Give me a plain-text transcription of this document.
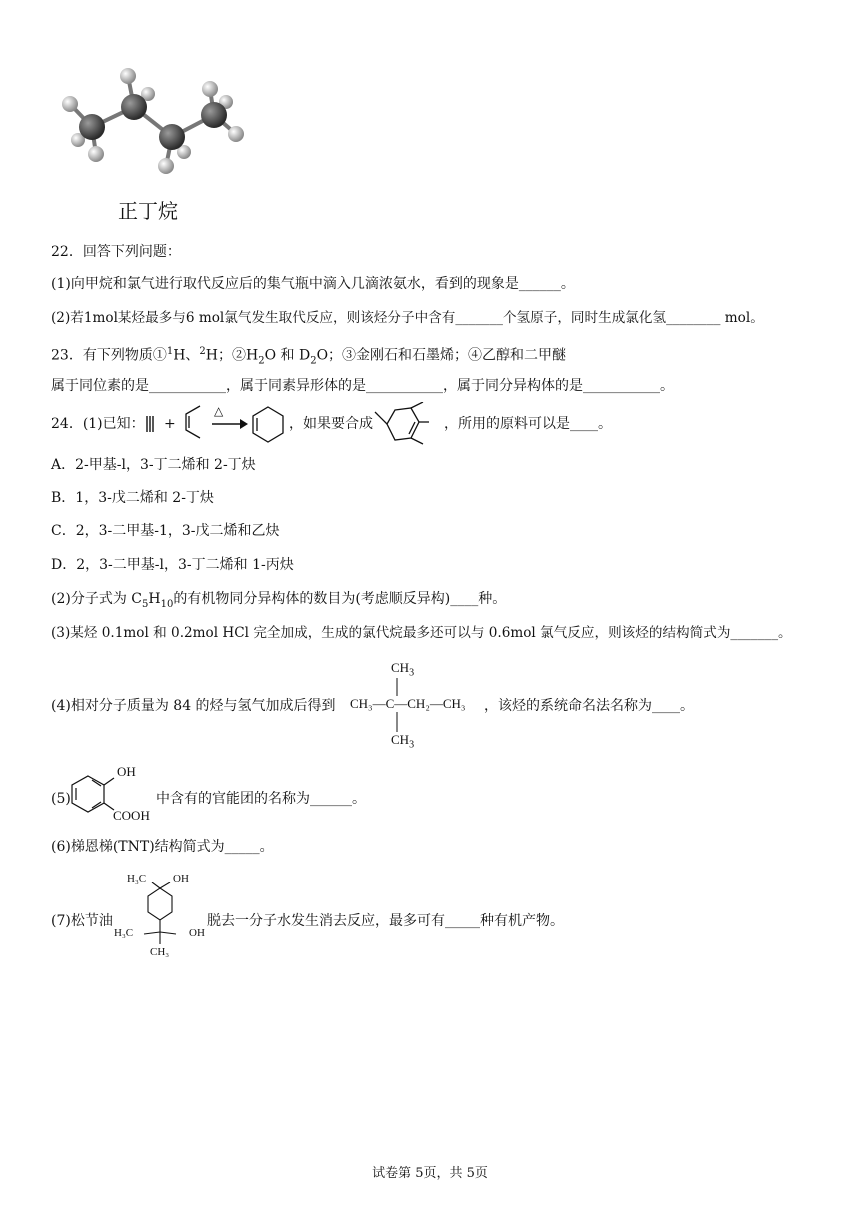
正丁烷
22．回答下列问题：
(1)向甲烷和氯气进行取代反应后的集气瓶中滴入几滴浓氨水，看到的现象是______。
(2)若1mol某烃最多与6 mol氯气发生取代反应，则该烃分子中含有_______个氢原子，同时生成氯化氢________ mol。
23．有下列物质①$^1$H、$^2$H；$②H_2O$ 和 $D_2O$；③金刚石和石墨烯；④乙醇和二甲醚
属于同位素的是___________，属于同素异形体的是___________，属于同分异构体的是___________。
24．(1)已知： +
△
，如果要合成	，所用的原料可以是____。
A．2-甲基-l，3-丁二烯和 2-丁炔
B．1，3-戊二烯和 2-丁炔
C．2，3-二甲基-1，3-戊二烯和乙炔
D．2，3-二甲基-l，3-丁二烯和 1-丙炔
(2)分子式为 $C_5H_{10}$的有机物同分异构体的数目为(考虑顺反异构)____种。
(3)某烃 0.1mol 和 0.2mol HCl 完全加成，生成的氯代烷最多还可以与 0.6mol 氯气反应，则该烃的结构简式为_______。
(4)相对分子质量为 84 的烃与氢气加成后得到
$CH_3$
CH₃—C—CH₂—CH₃
$CH_3$
，该烃的系统命名法名称为____。
(5)
OH
COOH
中含有的官能团的名称为______。
(6)梯恩梯(TNT)结构简式为_____。
(7)松节油
H₃C OH
H₃C	OH
CH₃
脱去一分子水发生消去反应，最多可有_____种有机产物。
试卷第 5页，共 5页
